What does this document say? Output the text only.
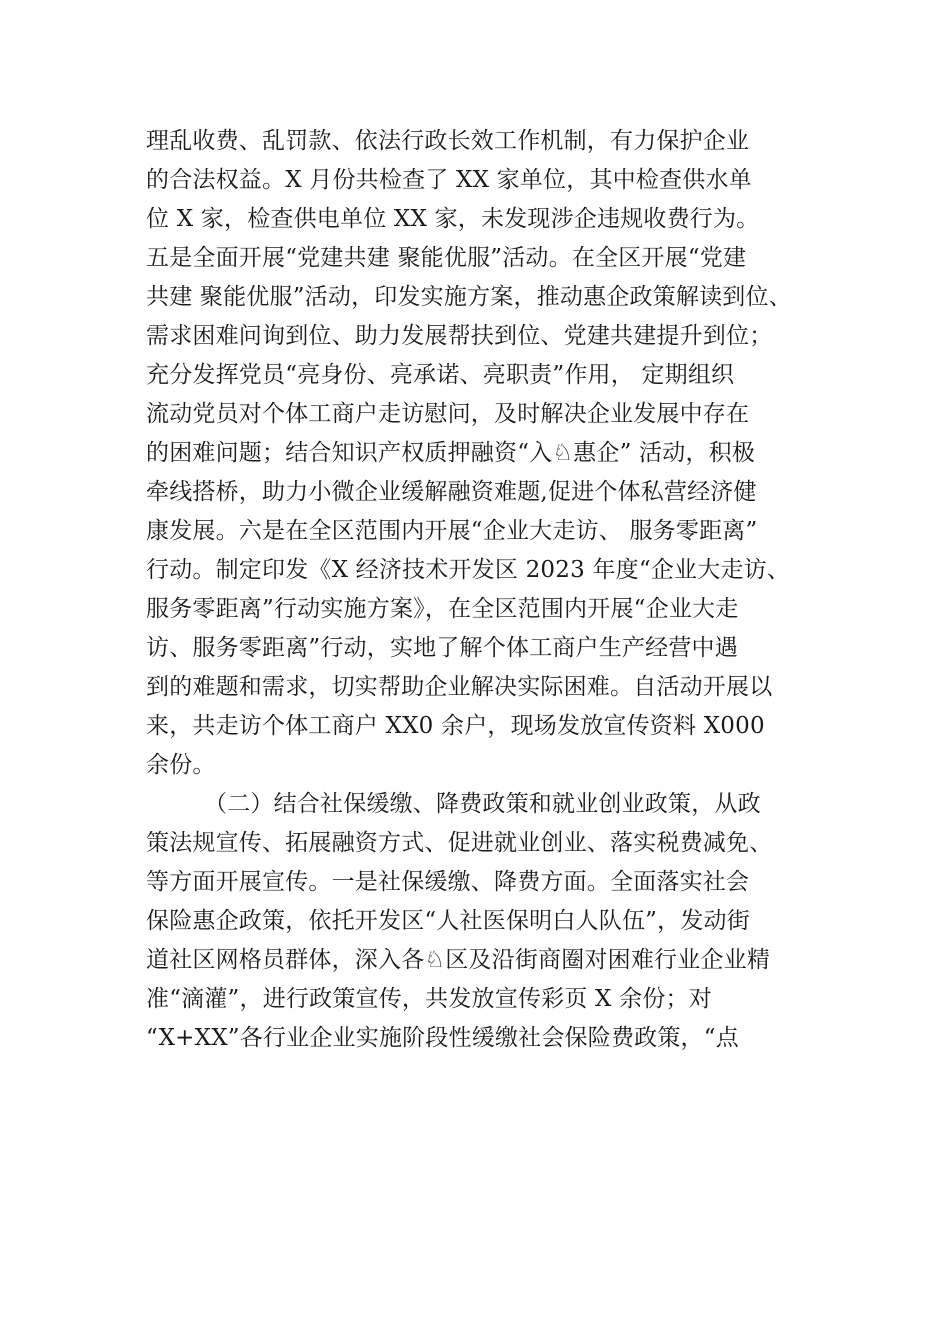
理乱收费、乱罚款、依法行政长效工作机制，有力保护企业
的合法权益。X 月份共检查了 XX 家单位，其中检查供水单
位 X 家，检查供电单位 XX 家，未发现涉企违规收费行为。
五是全面开展“党建共建 聚能优服”活动。在全区开展“党建
共建 聚能优服”活动，印发实施方案，推动惠企政策解读到位、
需求困难问询到位、助力发展帮扶到位、党建共建提升到位；
充分发挥党员“亮身份、亮承诺、亮职责”作用， 定期组织
流动党员对个体工商户走访慰问，及时解决企业发展中存在
的困难问题；结合知识产权质押融资“入♘惠企” 活动，积极
牵线搭桥，助力小微企业缓解融资难题,促进个体私营经济健
康发展。六是在全区范围内开展“企业大走访、 服务零距离”
行动。制定印发《X 经济技术开发区 2023 年度“企业大走访、
服务零距离”行动实施方案》，在全区范围内开展“企业大走
访、服务零距离”行动，实地了解个体工商户生产经营中遇
到的难题和需求，切实帮助企业解决实际困难。自活动开展以
来，共走访个体工商户 XX0 余户，现场发放宣传资料 X000
余份。
（二）结合社保缓缴、降费政策和就业创业政策，从政
策法规宣传、拓展融资方式、促进就业创业、落实税费减免、
等方面开展宣传。一是社保缓缴、降费方面。全面落实社会
保险惠企政策，依托开发区“人社医保明白人队伍”，发动街
道社区网格员群体，深入各♘区及沿街商圈对困难行业企业精
准“滴灌”，进行政策宣传，共发放宣传彩页 X 余份；对
“X+XX”各行业企业实施阶段性缓缴社会保险费政策，“点
